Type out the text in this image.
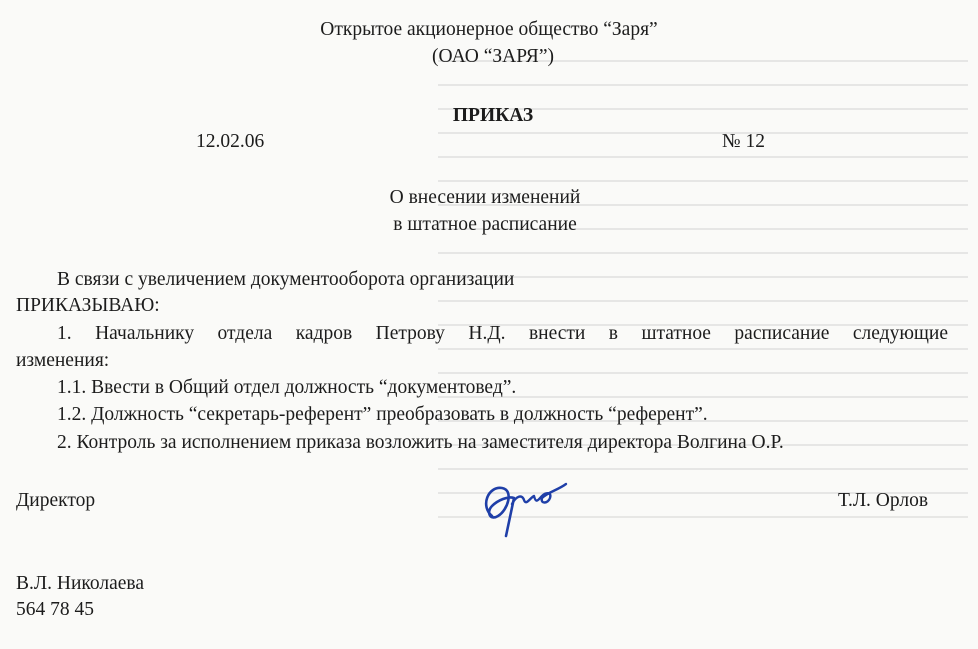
Открытое акционерное общество “Заря”
(ОАО “ЗАРЯ”)
ПРИКАЗ
12.02.06	№ 12
О внесении изменений
в штатное расписание
В связи с увеличением документооборота организации
ПРИКАЗЫВАЮ:
1. Начальнику отдела кадров Петрову Н.Д. внести в штатное расписание следующие
изменения:
1.1. Ввести в Общий отдел должность “документовед”.
1.2. Должность “секретарь-референт” преобразовать в должность “референт”.
2. Контроль за исполнением приказа возложить на заместителя директора Волгина О.Р.
Директор	Т.Л. Орлов
В.Л. Николаева
564 78 45
